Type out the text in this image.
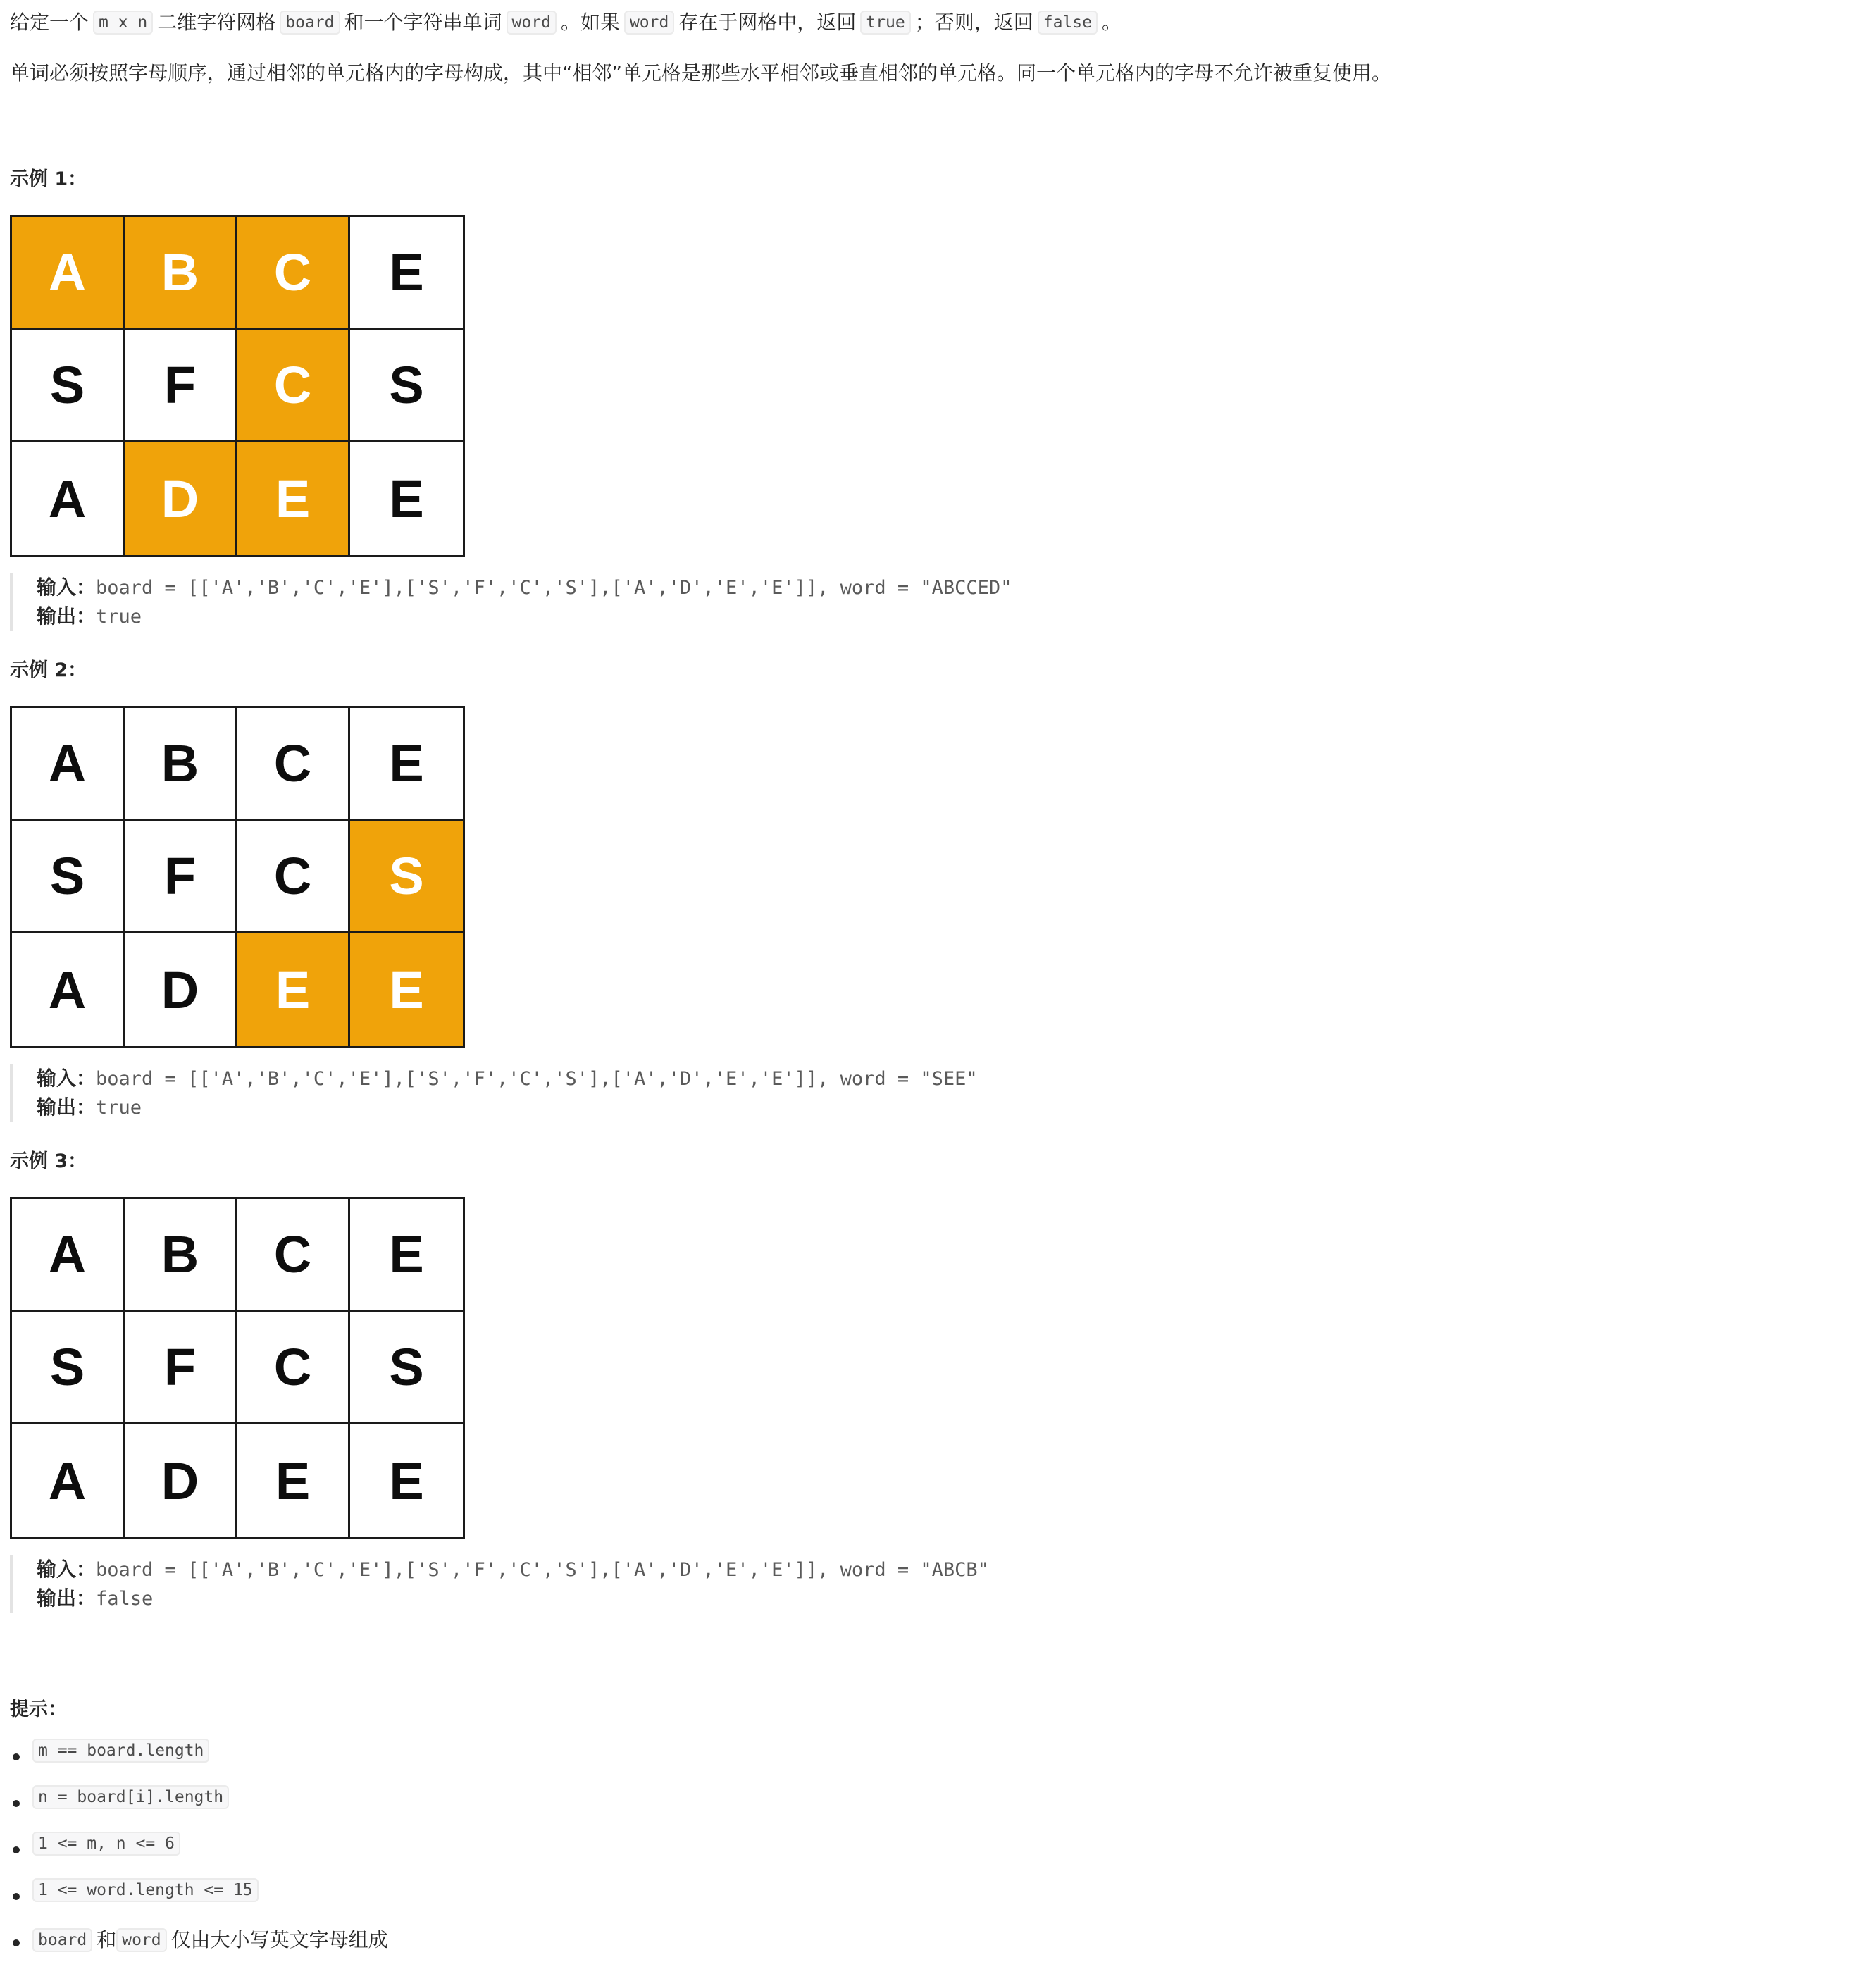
给定一个 m x n 二维字符网格 board 和一个字符串单词 word 。如果 word 存在于网格中，返回 true ；否则，返回 false 。
单词必须按照字母顺序，通过相邻的单元格内的字母构成，其中“相邻”单元格是那些水平相邻或垂直相邻的单元格。同一个单元格内的字母不允许被重复使用。
示例 1：
A	B	C	E
S	F	C	S
A	D	E	E
输入：board = [['A','B','C','E'],['S','F','C','S'],['A','D','E','E']], word = "ABCCED"
输出：true
示例 2：
A	B	C	E
S	F	C	S
A	D	E	E
输入：board = [['A','B','C','E'],['S','F','C','S'],['A','D','E','E']], word = "SEE"
输出：true
示例 3：
A	B	C	E
S	F	C	S
A	D	E	E
输入：board = [['A','B','C','E'],['S','F','C','S'],['A','D','E','E']], word = "ABCB"
输出：false
提示：
m == board.length
n = board[i].length
1 <= m, n <= 6
1 <= word.length <= 15
board 和 word 仅由大小写英文字母组成
